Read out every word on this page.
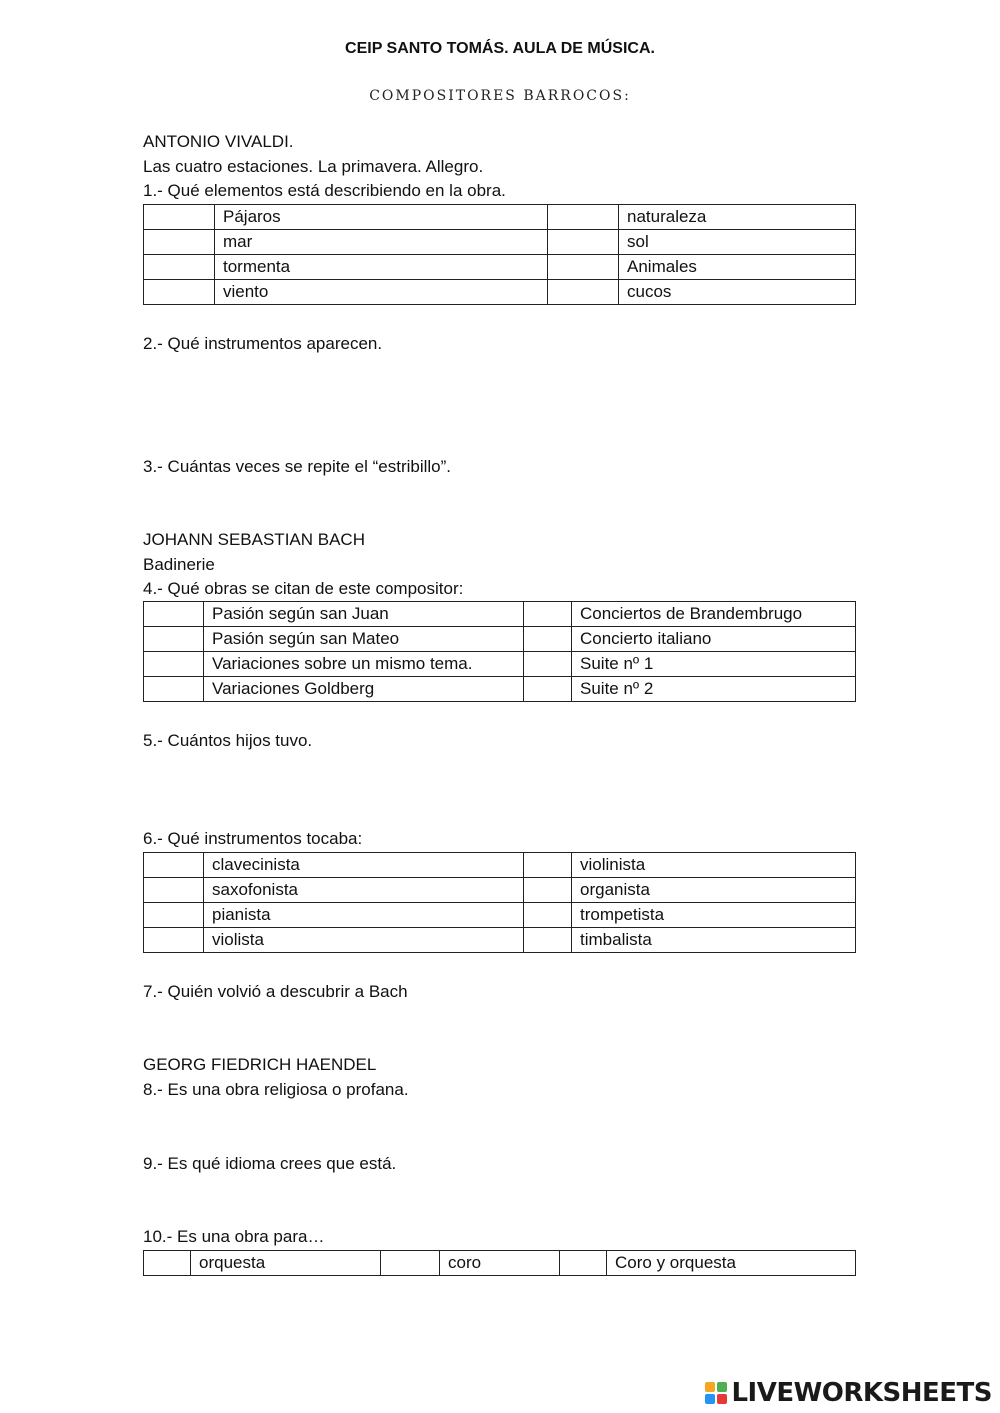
CEIP SANTO TOMÁS. AULA DE MÚSICA.
COMPOSITORES BARROCOS:
ANTONIO VIVALDI.
Las cuatro estaciones. La primavera. Allegro.
1.- Qué elementos está describiendo en la obra.
	Pájaros		naturaleza
	mar		sol
	tormenta		Animales
	viento		cucos
2.- Qué instrumentos aparecen.
3.- Cuántas veces se repite el “estribillo”.
JOHANN SEBASTIAN BACH
Badinerie
4.- Qué obras se citan de este compositor:
	Pasión según san Juan		Conciertos de Brandembrugo
	Pasión según san Mateo		Concierto italiano
	Variaciones sobre un mismo tema.		Suite nº 1
	Variaciones Goldberg		Suite nº 2
5.- Cuántos hijos tuvo.
6.- Qué instrumentos tocaba:
	clavecinista		violinista
	saxofonista		organista
	pianista		trompetista
	violista		timbalista
7.- Quién volvió a descubrir a Bach
GEORG FIEDRICH HAENDEL
8.- Es una obra religiosa o profana.
9.- Es qué idioma crees que está.
10.- Es una obra para…
	orquesta		coro		Coro y orquesta
LIVEWORKSHEETS
